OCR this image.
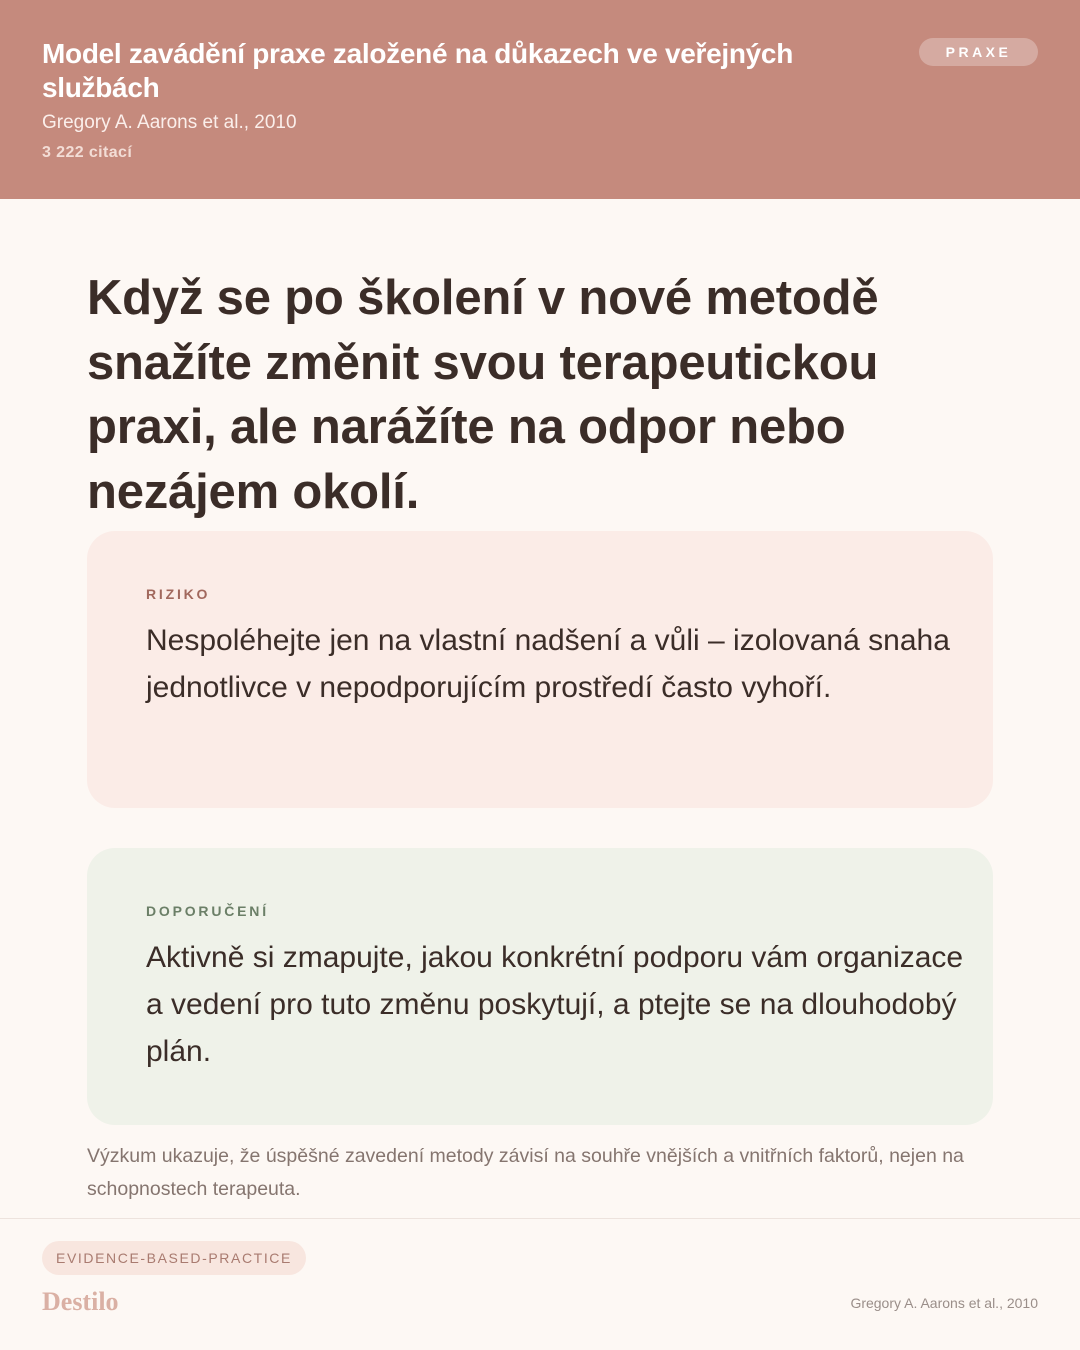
Model zavádění praxe založené na důkazech ve veřejných službách
Gregory A. Aarons et al., 2010
3 222 citací
PRAXE
Když se po školení v nové metodě snažíte změnit svou terapeutickou praxi, ale narážíte na odpor nebo nezájem okolí.
RIZIKO
Nespoléhejte jen na vlastní nadšení a vůli – izolovaná snaha jednotlivce v nepodporujícím prostředí často vyhoří.
DOPORUČENÍ
Aktivně si zmapujte, jakou konkrétní podporu vám organizace a vedení pro tuto změnu poskytují, a ptejte se na dlouhodobý plán.
Výzkum ukazuje, že úspěšné zavedení metody závisí na souhře vnějších a vnitřních faktorů, nejen na schopnostech terapeuta.
EVIDENCE-BASED-PRACTICE
Destilo	Gregory A. Aarons et al., 2010
